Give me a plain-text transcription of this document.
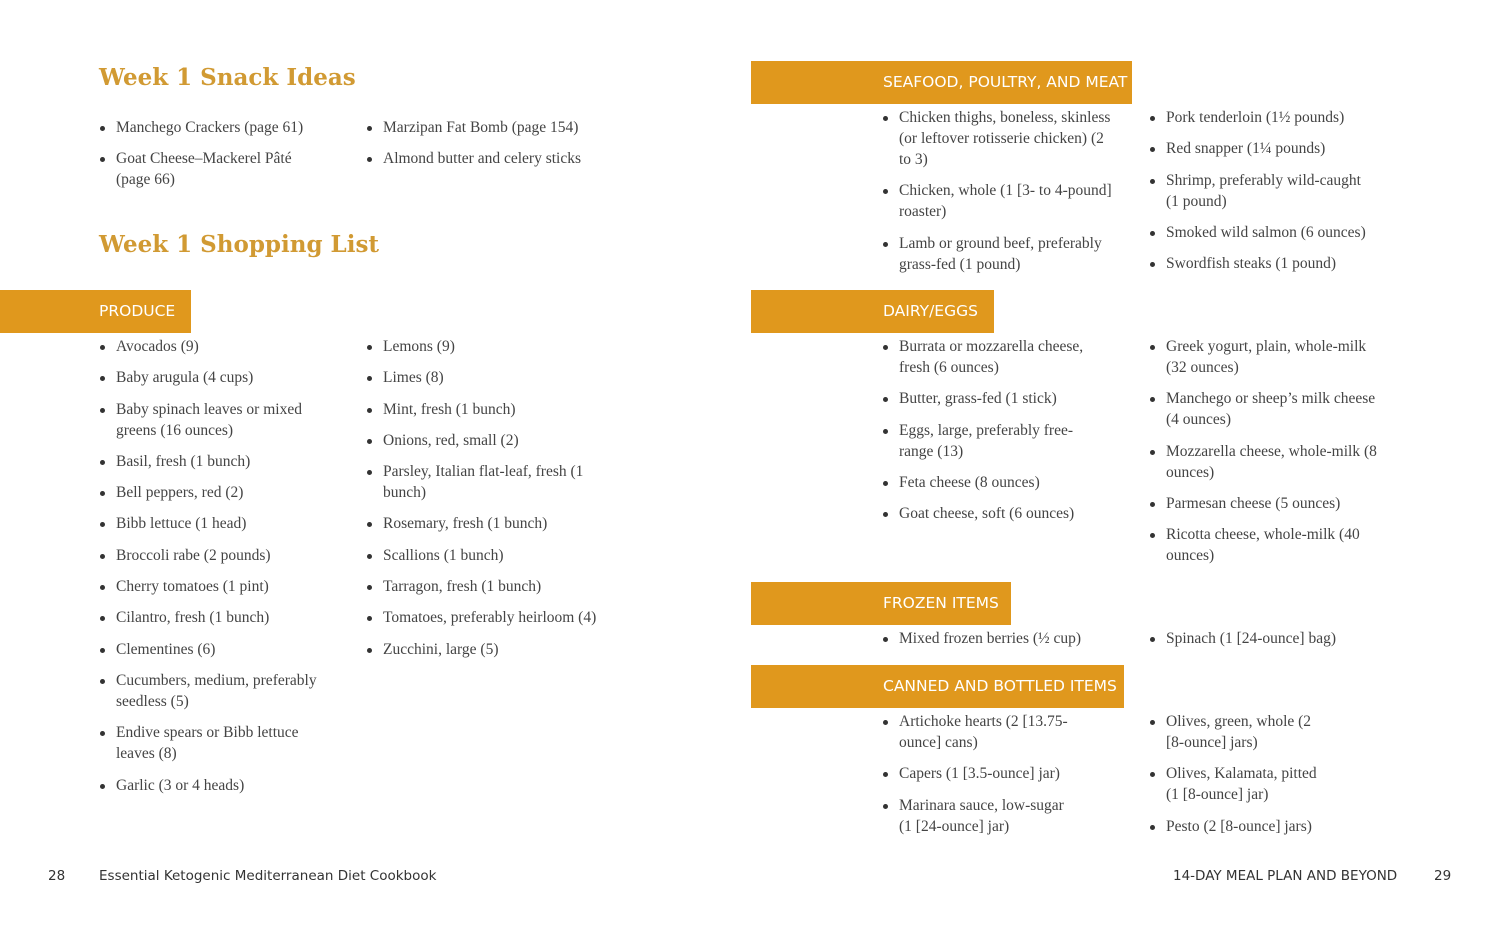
Week 1 Snack Ideas
Manchego Crackers (page 61)
Goat Cheese–Mackerel Pâté (page 66)
Marzipan Fat Bomb (page 154)
Almond butter and celery sticks
Week 1 Shopping List
PRODUCE
Avocados (9)
Baby arugula (4 cups)
Baby spinach leaves or mixed greens (16 ounces)
Basil, fresh (1 bunch)
Bell peppers, red (2)
Bibb lettuce (1 head)
Broccoli rabe (2 pounds)
Cherry tomatoes (1 pint)
Cilantro, fresh (1 bunch)
Clementines (6)
Cucumbers, medium, preferably seedless (5)
Endive spears or Bibb lettuce leaves (8)
Garlic (3 or 4 heads)
Lemons (9)
Limes (8)
Mint, fresh (1 bunch)
Onions, red, small (2)
Parsley, Italian flat-leaf, fresh (1 bunch)
Rosemary, fresh (1 bunch)
Scallions (1 bunch)
Tarragon, fresh (1 bunch)
Tomatoes, preferably heirloom (4)
Zucchini, large (5)
SEAFOOD, POULTRY, AND MEAT
Chicken thighs, boneless, skinless (or leftover rotisserie chicken) (2 to 3)
Chicken, whole (1 [3- to 4-pound] roaster)
Lamb or ground beef, preferably grass-fed (1 pound)
Pork tenderloin (1½ pounds)
Red snapper (1¼ pounds)
Shrimp, preferably wild-caught (1 pound)
Smoked wild salmon (6 ounces)
Swordfish steaks (1 pound)
DAIRY/EGGS
Burrata or mozzarella cheese, fresh (6 ounces)
Butter, grass-fed (1 stick)
Eggs, large, preferably free-range (13)
Feta cheese (8 ounces)
Goat cheese, soft (6 ounces)
Greek yogurt, plain, whole-milk (32 ounces)
Manchego or sheep’s milk cheese (4 ounces)
Mozzarella cheese, whole-milk (8 ounces)
Parmesan cheese (5 ounces)
Ricotta cheese, whole-milk (40 ounces)
FROZEN ITEMS
Mixed frozen berries (½ cup)	Spinach (1 [24-ounce] bag)
CANNED AND BOTTLED ITEMS
Artichoke hearts (2 [13.75-ounce] cans)
Capers (1 [3.5-ounce] jar)
Marinara sauce, low-sugar (1 [24-ounce] jar)
Olives, green, whole (2 [8-ounce] jars)
Olives, Kalamata, pitted (1 [8-ounce] jar)
Pesto (2 [8-ounce] jars)
28	Essential Ketogenic Mediterranean Diet Cookbook	14-DAY MEAL PLAN AND BEYOND	29
